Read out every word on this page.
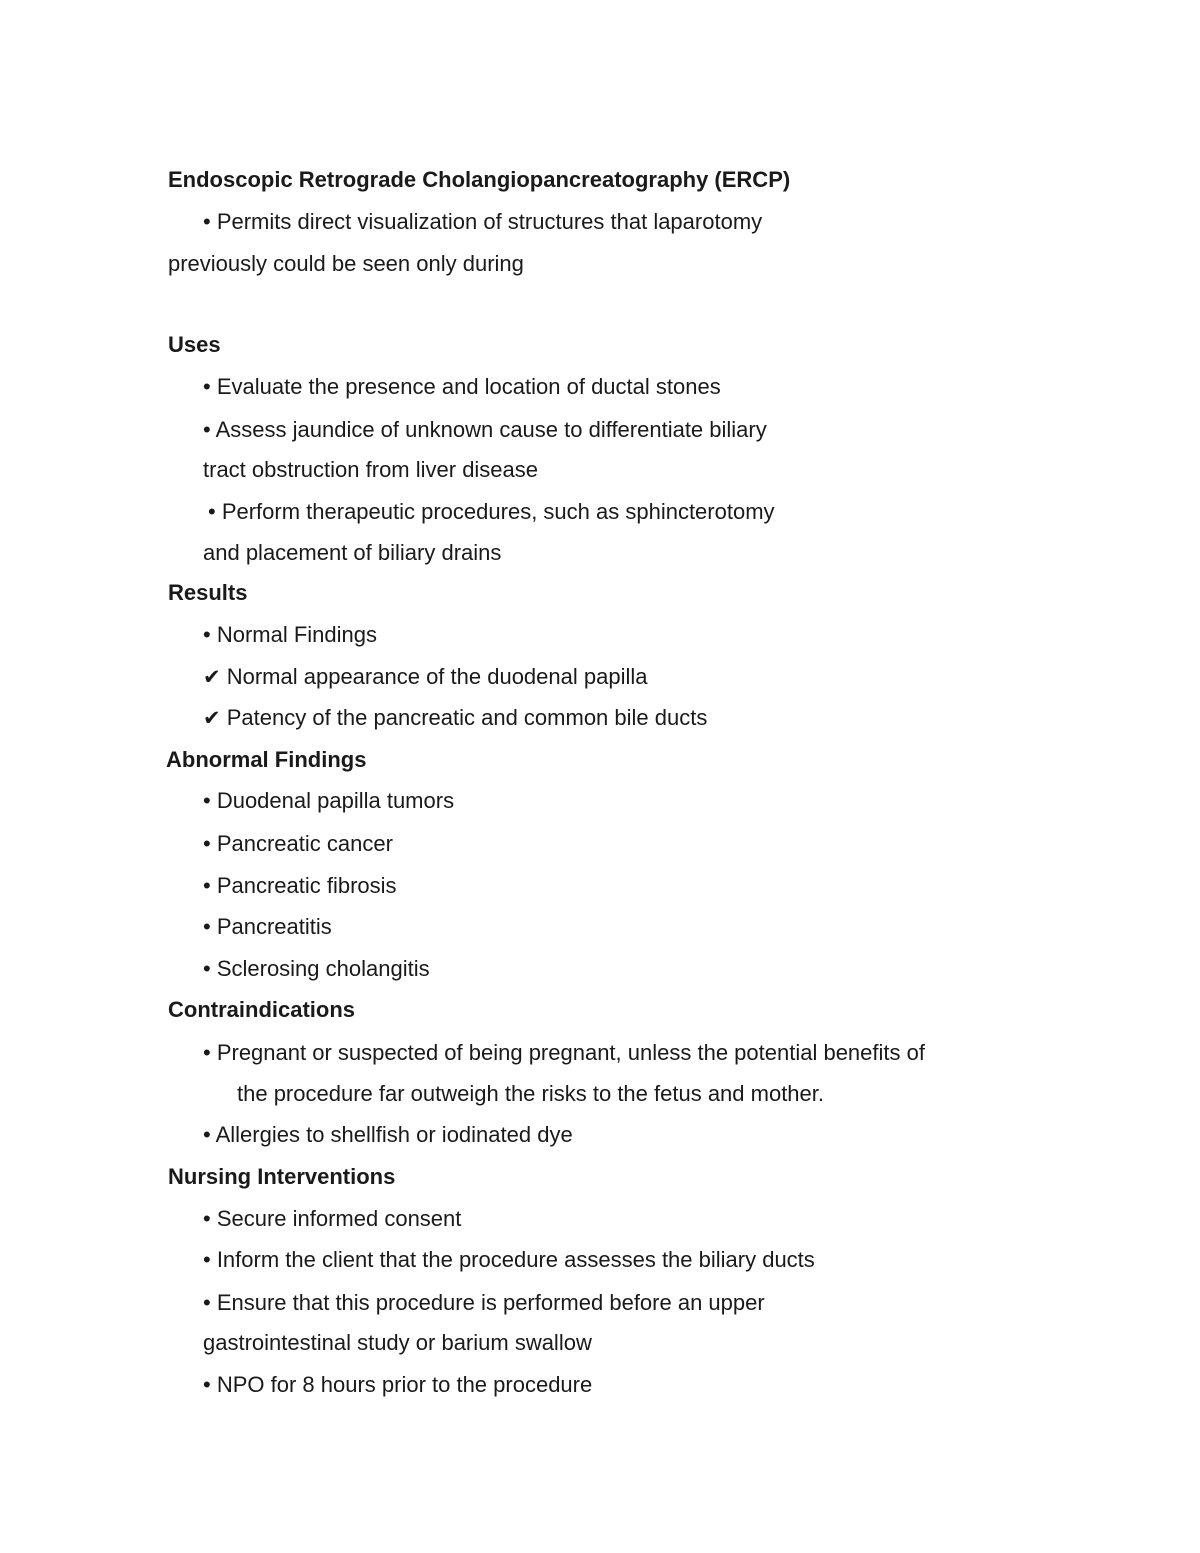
Endoscopic Retrograde Cholangiopancreatography (ERCP)
• Permits direct visualization of structures that laparotomy
previously could be seen only during
Uses
• Evaluate the presence and location of ductal stones
• Assess jaundice of unknown cause to differentiate biliary
tract obstruction from liver disease
• Perform therapeutic procedures, such as sphincterotomy
and placement of biliary drains
Results
• Normal Findings
✔ Normal appearance of the duodenal papilla
✔ Patency of the pancreatic and common bile ducts
Abnormal Findings
• Duodenal papilla tumors
• Pancreatic cancer
• Pancreatic fibrosis
• Pancreatitis
• Sclerosing cholangitis
Contraindications
• Pregnant or suspected of being pregnant, unless the potential benefits of
the procedure far outweigh the risks to the fetus and mother.
• Allergies to shellfish or iodinated dye
Nursing Interventions
• Secure informed consent
• Inform the client that the procedure assesses the biliary ducts
• Ensure that this procedure is performed before an upper
gastrointestinal study or barium swallow
• NPO for 8 hours prior to the procedure
